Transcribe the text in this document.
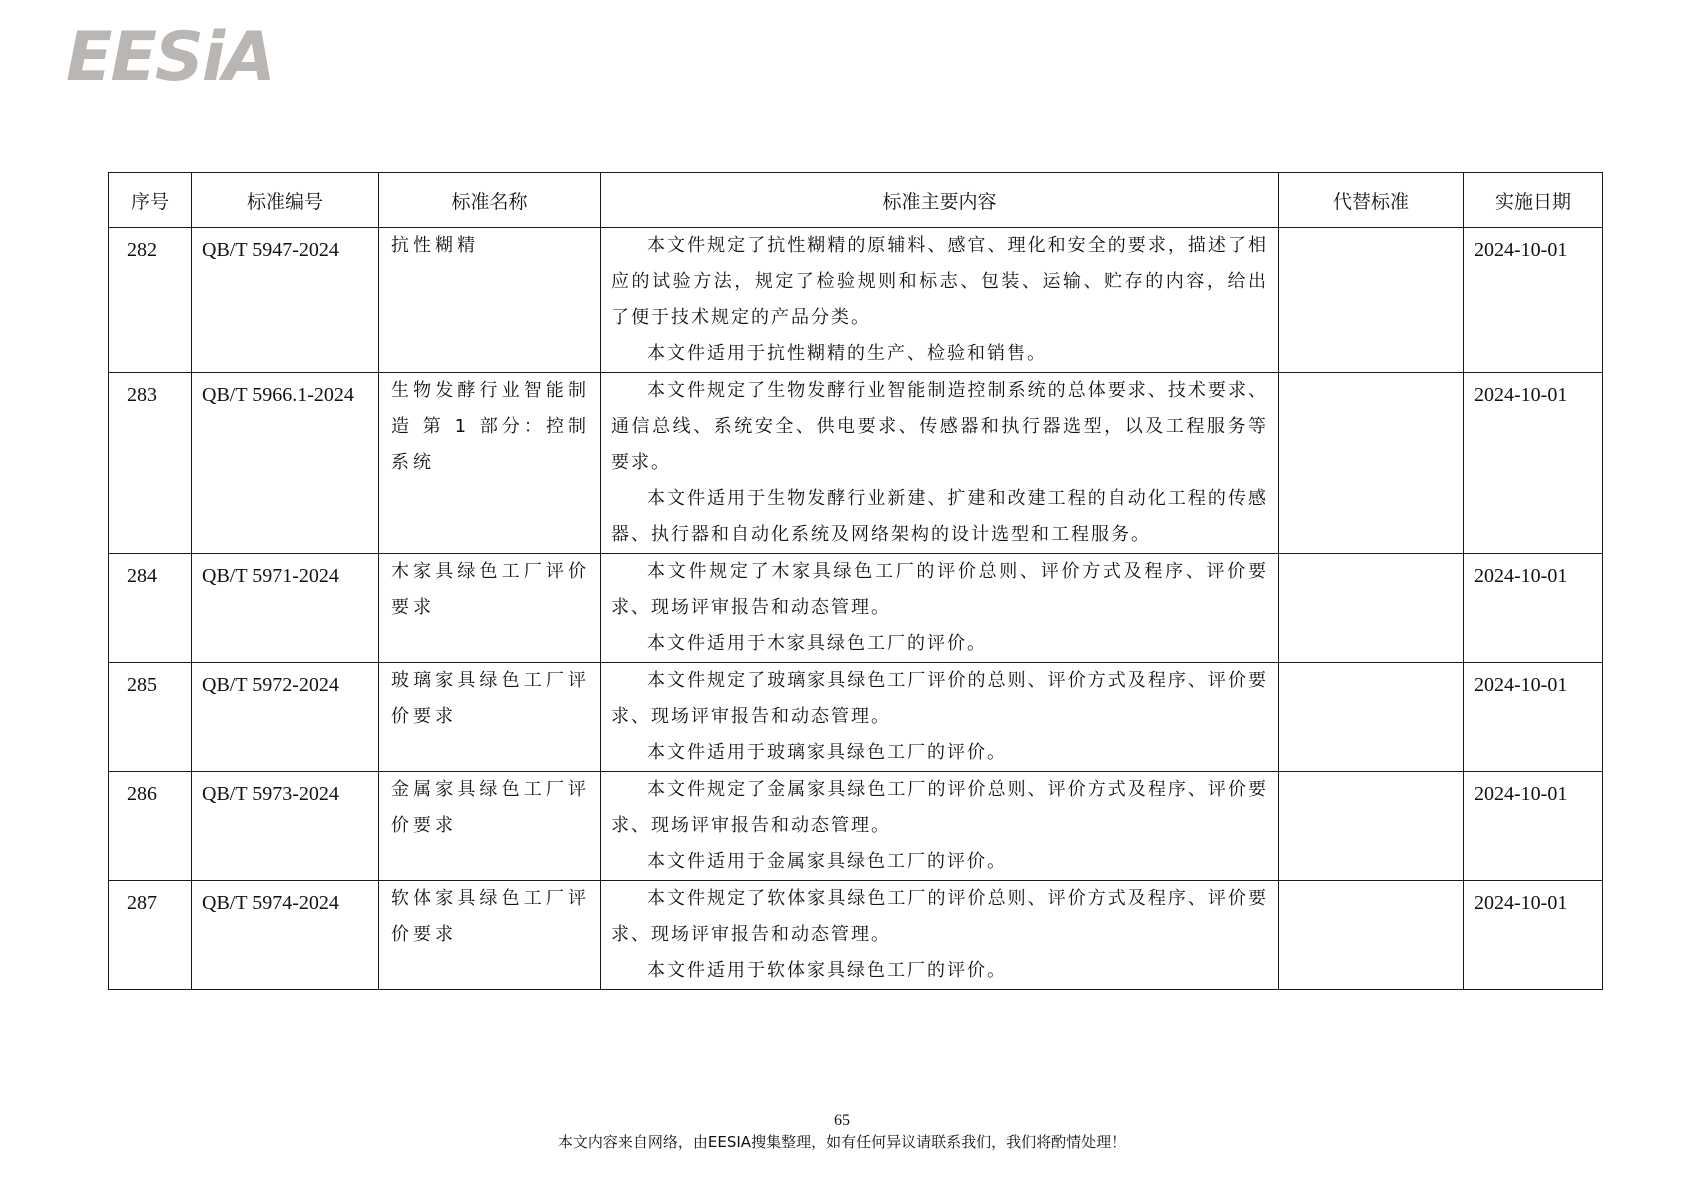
EESiA
序号	标准编号	标准名称	标准主要内容	代替标准	实施日期
282	QB/T 5947-2024	抗性糊精	本文件规定了抗性糊精的原辅料、感官、理化和安全的要求，描述了相应的试验方法，规定了检验规则和标志、包装、运输、贮存的内容，给出了便于技术规定的产品分类。

本文件适用于抗性糊精的生产、检验和销售。		2024-10-01
283	QB/T 5966.1-2024	生物发酵行业智能制造 第 1 部分：控制系统	本文件规定了生物发酵行业智能制造控制系统的总体要求、技术要求、通信总线、系统安全、供电要求、传感器和执行器选型，以及工程服务等要求。

本文件适用于生物发酵行业新建、扩建和改建工程的自动化工程的传感器、执行器和自动化系统及网络架构的设计选型和工程服务。		2024-10-01
284	QB/T 5971-2024	木家具绿色工厂评价要求	本文件规定了木家具绿色工厂的评价总则、评价方式及程序、评价要求、现场评审报告和动态管理。

本文件适用于木家具绿色工厂的评价。		2024-10-01
285	QB/T 5972-2024	玻璃家具绿色工厂评价要求	本文件规定了玻璃家具绿色工厂评价的总则、评价方式及程序、评价要求、现场评审报告和动态管理。

本文件适用于玻璃家具绿色工厂的评价。		2024-10-01
286	QB/T 5973-2024	金属家具绿色工厂评价要求	本文件规定了金属家具绿色工厂的评价总则、评价方式及程序、评价要求、现场评审报告和动态管理。

本文件适用于金属家具绿色工厂的评价。		2024-10-01
287	QB/T 5974-2024	软体家具绿色工厂评价要求	本文件规定了软体家具绿色工厂的评价总则、评价方式及程序、评价要求、现场评审报告和动态管理。

本文件适用于软体家具绿色工厂的评价。		2024-10-01
65
本文内容来自网络，由EESIA搜集整理，如有任何异议请联系我们，我们将酌情处理！
